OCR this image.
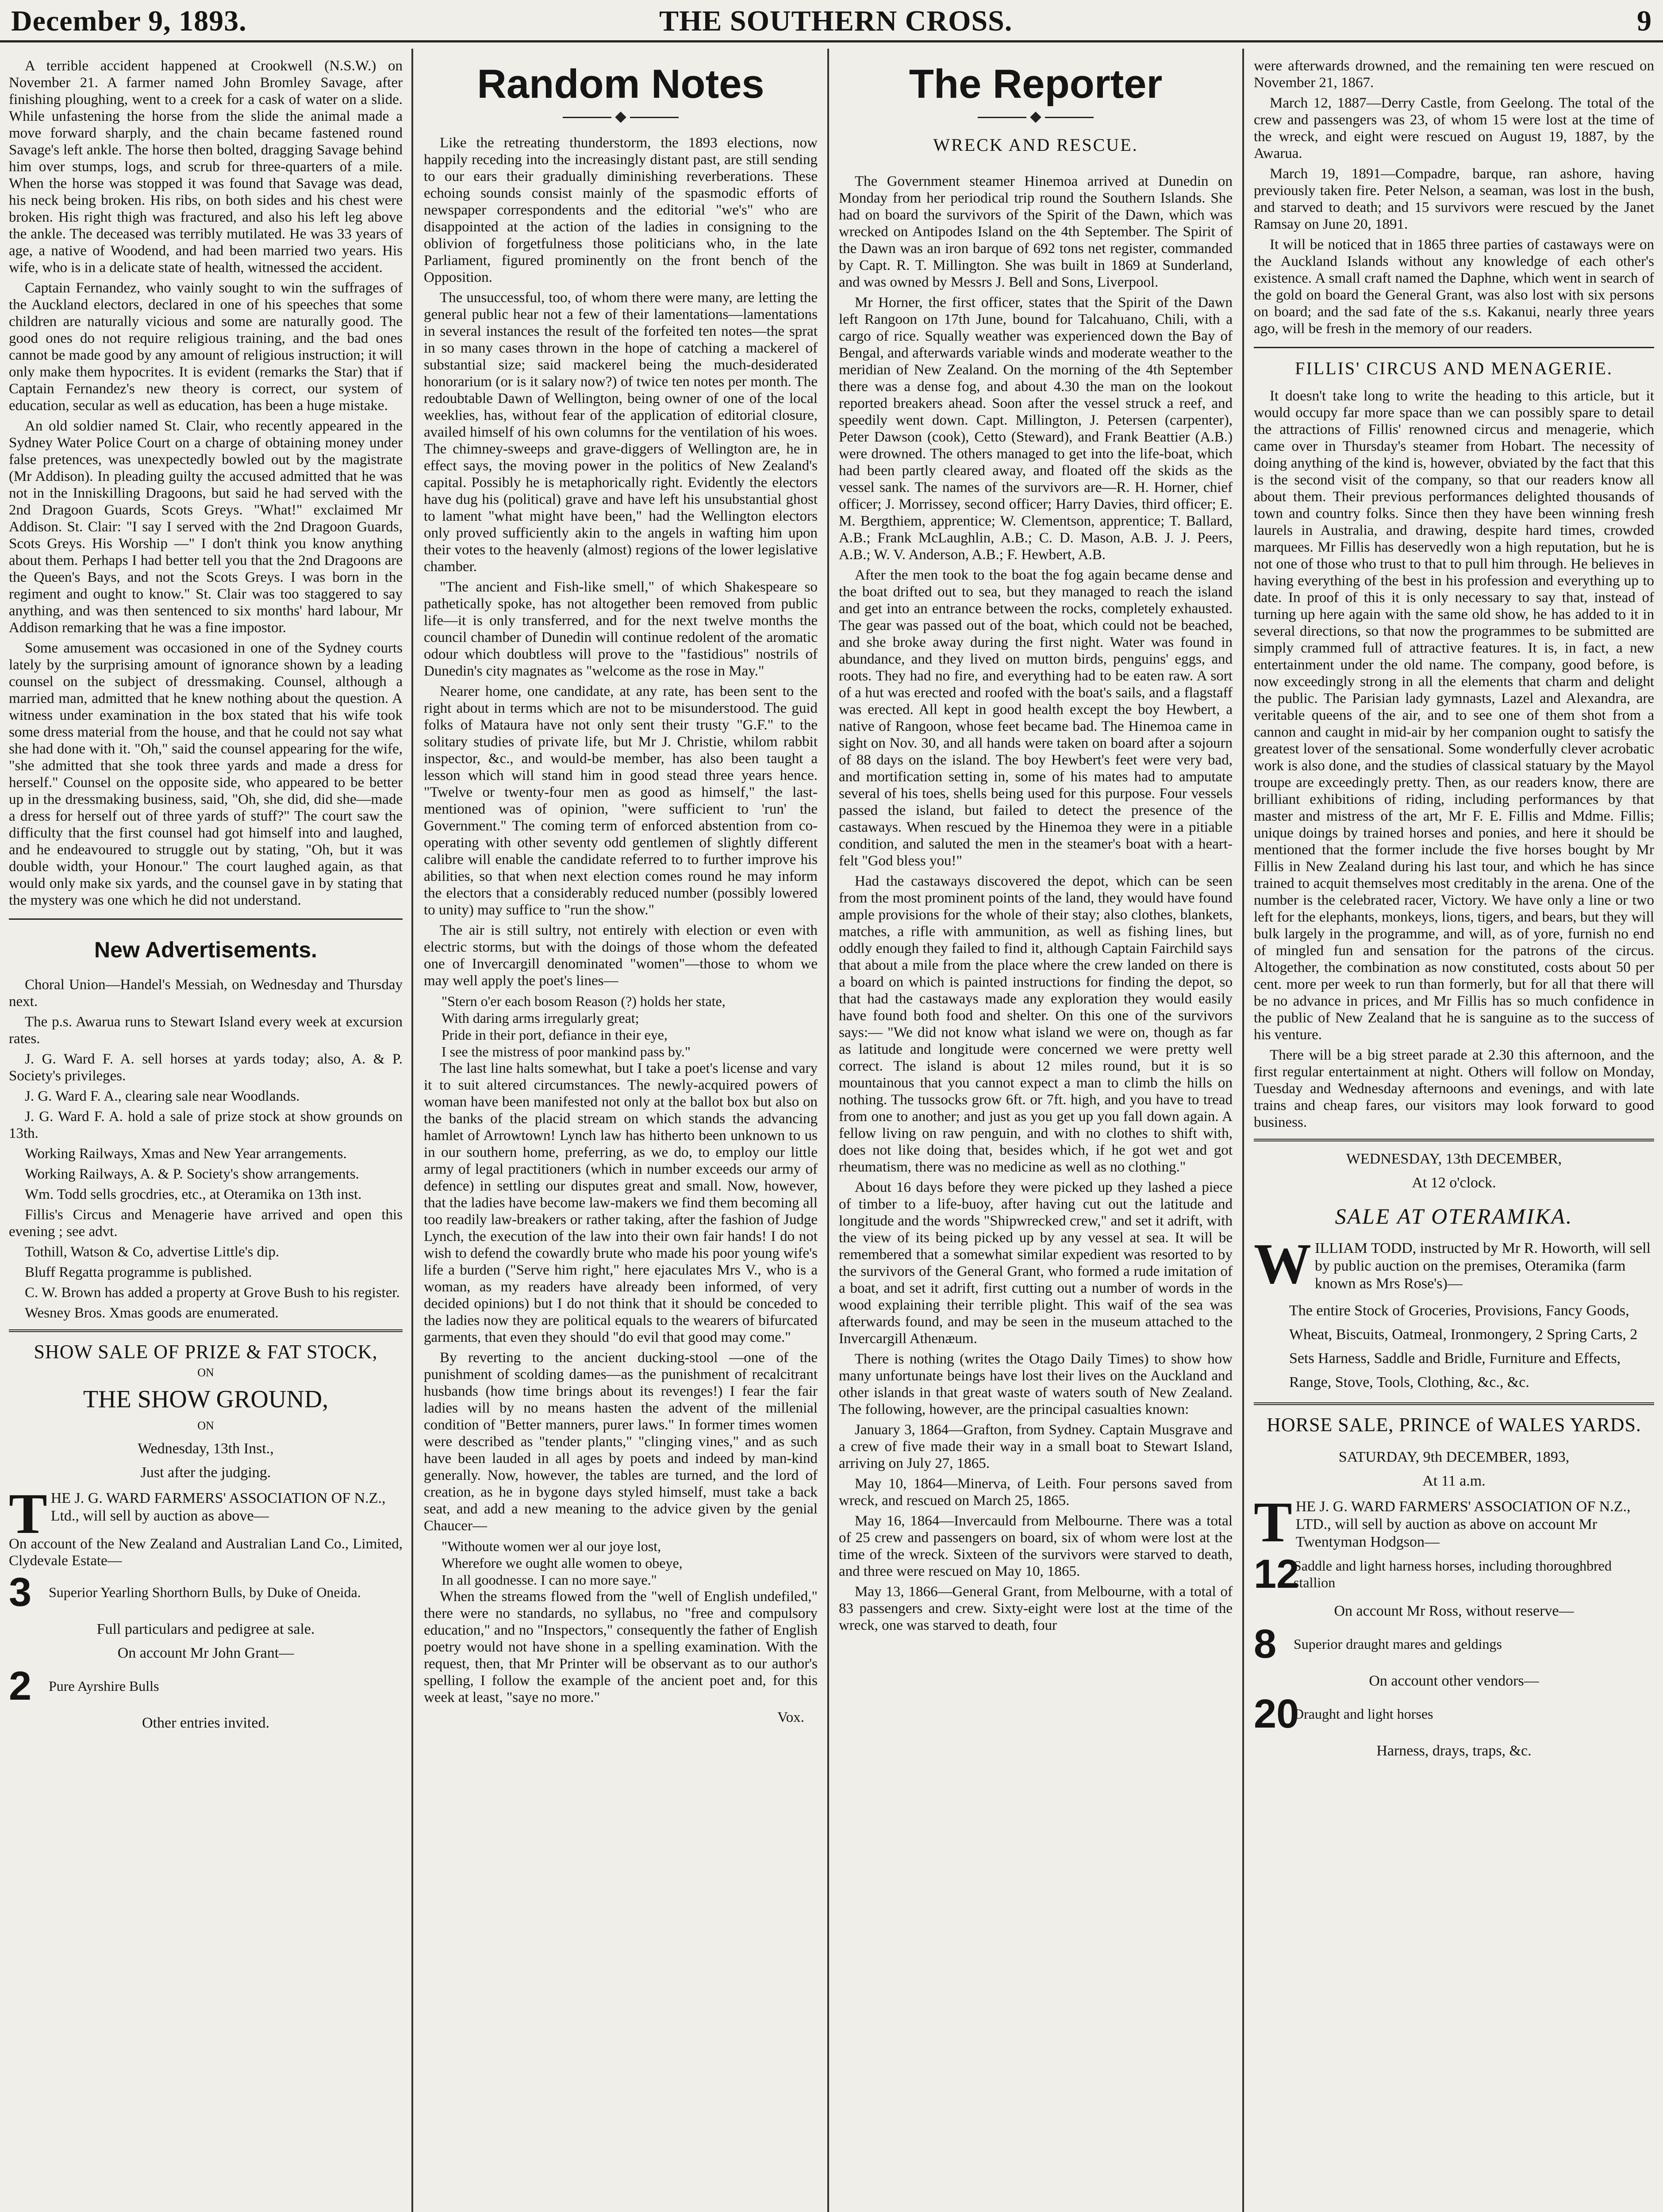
December 9, 1893.	THE SOUTHERN CROSS.	9

A terrible accident happened at Crookwell (N.S.W.) on November 21. A farmer named John Bromley Savage, after finishing ploughing, went to a creek for a cask of water on a slide. While unfastening the horse from the slide the animal made a move forward sharply, and the chain became fastened round Savage's left ankle. The horse then bolted, dragging Savage behind him over stumps, logs, and scrub for three-quarters of a mile. When the horse was stopped it was found that Savage was dead, his neck being broken. His ribs, on both sides and his chest were broken. His right thigh was fractured, and also his left leg above the ankle. The deceased was terribly mutilated. He was 33 years of age, a native of Woodend, and had been married two years. His wife, who is in a delicate state of health, witnessed the accident.

Captain Fernandez, who vainly sought to win the suffrages of the Auckland electors, declared in one of his speeches that some children are naturally vicious and some are naturally good. The good ones do not require religious training, and the bad ones cannot be made good by any amount of religious instruction; it will only make them hypocrites. It is evident (remarks the Star) that if Captain Fernandez's new theory is correct, our system of education, secular as well as education, has been a huge mistake.

An old soldier named St. Clair, who recently appeared in the Sydney Water Police Court on a charge of obtaining money under false pretences, was unexpectedly bowled out by the magistrate (Mr Addison). In pleading guilty the accused admitted that he was not in the Inniskilling Dragoons, but said he had served with the 2nd Dragoon Guards, Scots Greys. "What!" exclaimed Mr Addison. St. Clair: "I say I served with the 2nd Dragoon Guards, Scots Greys. His Worship —" I don't think you know anything about them. Perhaps I had better tell you that the 2nd Dragoons are the Queen's Bays, and not the Scots Greys. I was born in the regiment and ought to know." St. Clair was too staggered to say anything, and was then sentenced to six months' hard labour, Mr Addison remarking that he was a fine impostor.

Some amusement was occasioned in one of the Sydney courts lately by the surprising amount of ignorance shown by a leading counsel on the subject of dressmaking. Counsel, although a married man, admitted that he knew nothing about the question. A witness under examination in the box stated that his wife took some dress material from the house, and that he could not say what she had done with it. "Oh," said the counsel appearing for the wife, "she admitted that she took three yards and made a dress for herself." Counsel on the opposite side, who appeared to be better up in the dressmaking business, said, "Oh, she did, did she—made a dress for herself out of three yards of stuff?" The court saw the difficulty that the first counsel had got himself into and laughed, and he endeavoured to struggle out by stating, "Oh, but it was double width, your Honour." The court laughed again, as that would only make six yards, and the counsel gave in by stating that the mystery was one which he did not understand.

New Advertisements.

Choral Union—Handel's Messiah, on Wednesday and Thursday next.

The p.s. Awarua runs to Stewart Island every week at excursion rates.

J. G. Ward F. A. sell horses at yards today; also, A. & P. Society's privileges.

J. G. Ward F. A., clearing sale near Woodlands.

J. G. Ward F. A. hold a sale of prize stock at show grounds on 13th.

Working Railways, Xmas and New Year arrangements.

Working Railways, A. & P. Society's show arrangements.

Wm. Todd sells grocdries, etc., at Oteramika on 13th inst.

Fillis's Circus and Menagerie have arrived and open this evening ; see advt.

Tothill, Watson & Co, advertise Little's dip.

Bluff Regatta programme is published.

C. W. Brown has added a property at Grove Bush to his register.

Wesney Bros. Xmas goods are enumerated.

SHOW SALE OF PRIZE & FAT STOCK,
ON
THE SHOW GROUND,
ON
Wednesday, 13th Inst.,
Just after the judging.
T HE J. G. WARD FARMERS' ASSOCIATION OF N.Z., Ltd., will sell by auction as above—

On account of the New Zealand and Australian Land Co., Limited, Clydevale Estate—

3	Superior Yearling Shorthorn Bulls, by Duke of Oneida.
Full particulars and pedigree at sale.
On account Mr John Grant—
2	Pure Ayrshire Bulls
Other entries invited.
Random Notes

Like the retreating thunderstorm, the 1893 elections, now happily receding into the increasingly distant past, are still sending to our ears their gradually diminishing reverberations. These echoing sounds consist mainly of the spasmodic efforts of newspaper correspondents and the editorial "we's" who are disappointed at the action of the ladies in consigning to the oblivion of forgetfulness those politicians who, in the late Parliament, figured prominently on the front bench of the Opposition.

The unsuccessful, too, of whom there were many, are letting the general public hear not a few of their lamentations—lamentations in several instances the result of the forfeited ten notes—the sprat in so many cases thrown in the hope of catching a mackerel of substantial size; said mackerel being the much-desiderated honorarium (or is it salary now?) of twice ten notes per month. The redoubtable Dawn of Wellington, being owner of one of the local weeklies, has, without fear of the application of editorial closure, availed himself of his own columns for the ventilation of his woes. The chimney-sweeps and grave-diggers of Wellington are, he in effect says, the moving power in the politics of New Zealand's capital. Possibly he is metaphorically right. Evidently the electors have dug his (political) grave and have left his unsubstantial ghost to lament "what might have been," had the Wellington electors only proved sufficiently akin to the angels in wafting him upon their votes to the heavenly (almost) regions of the lower legislative chamber.

"The ancient and Fish-like smell," of which Shakespeare so pathetically spoke, has not altogether been removed from public life—it is only transferred, and for the next twelve months the council chamber of Dunedin will continue redolent of the aromatic odour which doubtless will prove to the "fastidious" nostrils of Dunedin's city magnates as "welcome as the rose in May."

Nearer home, one candidate, at any rate, has been sent to the right about in terms which are not to be misunderstood. The guid folks of Mataura have not only sent their trusty "G.F." to the solitary studies of private life, but Mr J. Christie, whilom rabbit inspector, &c., and would-be member, has also been taught a lesson which will stand him in good stead three years hence. "Twelve or twenty-four men as good as himself," the last-mentioned was of opinion, "were sufficient to 'run' the Government." The coming term of enforced abstention from co-operating with other seventy odd gentlemen of slightly different calibre will enable the candidate referred to to further improve his abilities, so that when next election comes round he may inform the electors that a considerably reduced number (possibly lowered to unity) may suffice to "run the show."

The air is still sultry, not entirely with election or even with electric storms, but with the doings of those whom the defeated one of Invercargill denominated "women"—those to whom we may well apply the poet's lines—

"Stern o'er each bosom Reason (?) holds her state,
With daring arms irregularly great;
Pride in their port, defiance in their eye,
I see the mistress of poor mankind pass by."

The last line halts somewhat, but I take a poet's license and vary it to suit altered circumstances. The newly-acquired powers of woman have been manifested not only at the ballot box but also on the banks of the placid stream on which stands the advancing hamlet of Arrowtown! Lynch law has hitherto been unknown to us in our southern home, preferring, as we do, to employ our little army of legal practitioners (which in number exceeds our army of defence) in settling our disputes great and small. Now, however, that the ladies have become law-makers we find them becoming all too readily law-breakers or rather taking, after the fashion of Judge Lynch, the execution of the law into their own fair hands! I do not wish to defend the cowardly brute who made his poor young wife's life a burden ("Serve him right," here ejaculates Mrs V., who is a woman, as my readers have already been informed, of very decided opinions) but I do not think that it should be conceded to the ladies now they are political equals to the wearers of bifurcated garments, that even they should "do evil that good may come."

By reverting to the ancient ducking-stool —one of the punishment of scolding dames—as the punishment of recalcitrant husbands (how time brings about its revenges!) I fear the fair ladies will by no means hasten the advent of the millenial condition of "Better manners, purer laws." In former times women were described as "tender plants," "clinging vines," and as such have been lauded in all ages by poets and indeed by man-kind generally. Now, however, the tables are turned, and the lord of creation, as he in bygone days styled himself, must take a back seat, and add a new meaning to the advice given by the genial Chaucer—

"Withoute women wer al our joye lost,
Wherefore we ought alle women to obeye,
In all goodnesse. I can no more saye."

When the streams flowed from the "well of English undefiled," there were no standards, no syllabus, no "free and compulsory education," and no "Inspectors," consequently the father of English poetry would not have shone in a spelling examination. With the request, then, that Mr Printer will be observant as to our author's spelling, I follow the example of the ancient poet and, for this week at least, "saye no more."

Vox.
The Reporter
WRECK AND RESCUE.

The Government steamer Hinemoa arrived at Dunedin on Monday from her periodical trip round the Southern Islands. She had on board the survivors of the Spirit of the Dawn, which was wrecked on Antipodes Island on the 4th September. The Spirit of the Dawn was an iron barque of 692 tons net register, commanded by Capt. R. T. Millington. She was built in 1869 at Sunderland, and was owned by Messrs J. Bell and Sons, Liverpool.

Mr Horner, the first officer, states that the Spirit of the Dawn left Rangoon on 17th June, bound for Talcahuano, Chili, with a cargo of rice. Squally weather was experienced down the Bay of Bengal, and afterwards variable winds and moderate weather to the meridian of New Zealand. On the morning of the 4th September there was a dense fog, and about 4.30 the man on the lookout reported breakers ahead. Soon after the vessel struck a reef, and speedily went down. Capt. Millington, J. Petersen (carpenter), Peter Dawson (cook), Cetto (Steward), and Frank Beattier (A.B.) were drowned. The others managed to get into the life-boat, which had been partly cleared away, and floated off the skids as the vessel sank. The names of the survivors are—R. H. Horner, chief officer; J. Morrissey, second officer; Harry Davies, third officer; E. M. Bergthiem, apprentice; W. Clementson, apprentice; T. Ballard, A.B.; Frank McLaughlin, A.B.; C. D. Mason, A.B. J. J. Peers, A.B.; W. V. Anderson, A.B.; F. Hewbert, A.B.

After the men took to the boat the fog again became dense and the boat drifted out to sea, but they managed to reach the island and get into an entrance between the rocks, completely exhausted. The gear was passed out of the boat, which could not be beached, and she broke away during the first night. Water was found in abundance, and they lived on mutton birds, penguins' eggs, and roots. They had no fire, and everything had to be eaten raw. A sort of a hut was erected and roofed with the boat's sails, and a flagstaff was erected. All kept in good health except the boy Hewbert, a native of Rangoon, whose feet became bad. The Hinemoa came in sight on Nov. 30, and all hands were taken on board after a sojourn of 88 days on the island. The boy Hewbert's feet were very bad, and mortification setting in, some of his mates had to amputate several of his toes, shells being used for this purpose. Four vessels passed the island, but failed to detect the presence of the castaways. When rescued by the Hinemoa they were in a pitiable condition, and saluted the men in the steamer's boat with a heart-felt "God bless you!"

Had the castaways discovered the depot, which can be seen from the most prominent points of the land, they would have found ample provisions for the whole of their stay; also clothes, blankets, matches, a rifle with ammunition, as well as fishing lines, but oddly enough they failed to find it, although Captain Fairchild says that about a mile from the place where the crew landed on there is a board on which is painted instructions for finding the depot, so that had the castaways made any exploration they would easily have found both food and shelter. On this one of the survivors says:— "We did not know what island we were on, though as far as latitude and longitude were concerned we were pretty well correct. The island is about 12 miles round, but it is so mountainous that you cannot expect a man to climb the hills on nothing. The tussocks grow 6ft. or 7ft. high, and you have to tread from one to another; and just as you get up you fall down again. A fellow living on raw penguin, and with no clothes to shift with, does not like doing that, besides which, if he got wet and got rheumatism, there was no medicine as well as no clothing."

About 16 days before they were picked up they lashed a piece of timber to a life-buoy, after having cut out the latitude and longitude and the words "Shipwrecked crew," and set it adrift, with the view of its being picked up by any vessel at sea. It will be remembered that a somewhat similar expedient was resorted to by the survivors of the General Grant, who formed a rude imitation of a boat, and set it adrift, first cutting out a number of words in the wood explaining their terrible plight. This waif of the sea was afterwards found, and may be seen in the museum attached to the Invercargill Athenæum.

There is nothing (writes the Otago Daily Times) to show how many unfortunate beings have lost their lives on the Auckland and other islands in that great waste of waters south of New Zealand. The following, however, are the principal casualties known:

January 3, 1864—Grafton, from Sydney. Captain Musgrave and a crew of five made their way in a small boat to Stewart Island, arriving on July 27, 1865.

May 10, 1864—Minerva, of Leith. Four persons saved from wreck, and rescued on March 25, 1865.

May 16, 1864—Invercauld from Melbourne. There was a total of 25 crew and passengers on board, six of whom were lost at the time of the wreck. Sixteen of the survivors were starved to death, and three were rescued on May 10, 1865.

May 13, 1866—General Grant, from Melbourne, with a total of 83 passengers and crew. Sixty-eight were lost at the time of the wreck, one was starved to death, four

were afterwards drowned, and the remaining ten were rescued on November 21, 1867.

March 12, 1887—Derry Castle, from Geelong. The total of the crew and passengers was 23, of whom 15 were lost at the time of the wreck, and eight were rescued on August 19, 1887, by the Awarua.

March 19, 1891—Compadre, barque, ran ashore, having previously taken fire. Peter Nelson, a seaman, was lost in the bush, and starved to death; and 15 survivors were rescued by the Janet Ramsay on June 20, 1891.

It will be noticed that in 1865 three parties of castaways were on the Auckland Islands without any knowledge of each other's existence. A small craft named the Daphne, which went in search of the gold on board the General Grant, was also lost with six persons on board; and the sad fate of the s.s. Kakanui, nearly three years ago, will be fresh in the memory of our readers.

FILLIS' CIRCUS AND MENAGERIE.

It doesn't take long to write the heading to this article, but it would occupy far more space than we can possibly spare to detail the attractions of Fillis' renowned circus and menagerie, which came over in Thursday's steamer from Hobart. The necessity of doing anything of the kind is, however, obviated by the fact that this is the second visit of the company, so that our readers know all about them. Their previous performances delighted thousands of town and country folks. Since then they have been winning fresh laurels in Australia, and drawing, despite hard times, crowded marquees. Mr Fillis has deservedly won a high reputation, but he is not one of those who trust to that to pull him through. He believes in having everything of the best in his profession and everything up to date. In proof of this it is only necessary to say that, instead of turning up here again with the same old show, he has added to it in several directions, so that now the programmes to be submitted are simply crammed full of attractive features. It is, in fact, a new entertainment under the old name. The company, good before, is now exceedingly strong in all the elements that charm and delight the public. The Parisian lady gymnasts, Lazel and Alexandra, are veritable queens of the air, and to see one of them shot from a cannon and caught in mid-air by her companion ought to satisfy the greatest lover of the sensational. Some wonderfully clever acrobatic work is also done, and the studies of classical statuary by the Mayol troupe are exceedingly pretty. Then, as our readers know, there are brilliant exhibitions of riding, including performances by that master and mistress of the art, Mr F. E. Fillis and Mdme. Fillis; unique doings by trained horses and ponies, and here it should be mentioned that the former include the five horses bought by Mr Fillis in New Zealand during his last tour, and which he has since trained to acquit themselves most creditably in the arena. One of the number is the celebrated racer, Victory. We have only a line or two left for the elephants, monkeys, lions, tigers, and bears, but they will bulk largely in the programme, and will, as of yore, furnish no end of mingled fun and sensation for the patrons of the circus. Altogether, the combination as now constituted, costs about 50 per cent. more per week to run than formerly, but for all that there will be no advance in prices, and Mr Fillis has so much confidence in the public of New Zealand that he is sanguine as to the success of his venture.

There will be a big street parade at 2.30 this afternoon, and the first regular entertainment at night. Others will follow on Monday, Tuesday and Wednesday afternoons and evenings, and with late trains and cheap fares, our visitors may look forward to good business.

WEDNESDAY, 13th DECEMBER,
At 12 o'clock.
SALE AT OTERAMIKA.
W ILLIAM TODD, instructed by Mr R. Howorth, will sell by public auction on the premises, Oteramika (farm known as Mrs Rose's)—
The entire Stock of Groceries, Provisions, Fancy Goods, Wheat, Biscuits, Oatmeal, Ironmongery, 2 Spring Carts, 2 Sets Harness, Saddle and Bridle, Furniture and Effects, Range, Stove, Tools, Clothing, &c., &c.
HORSE SALE, PRINCE of WALES YARDS.
SATURDAY, 9th DECEMBER, 1893,
At 11 a.m.
T HE J. G. WARD FARMERS' ASSOCIATION OF N.Z., LTD., will sell by auction as above on account Mr Twentyman Hodgson—
12
Saddle and light harness horses, including thoroughbred stallion
On account Mr Ross, without reserve—
8	Superior draught mares and geldings
On account other vendors—
20
Draught and light horses
Harness, drays, traps, &c.
